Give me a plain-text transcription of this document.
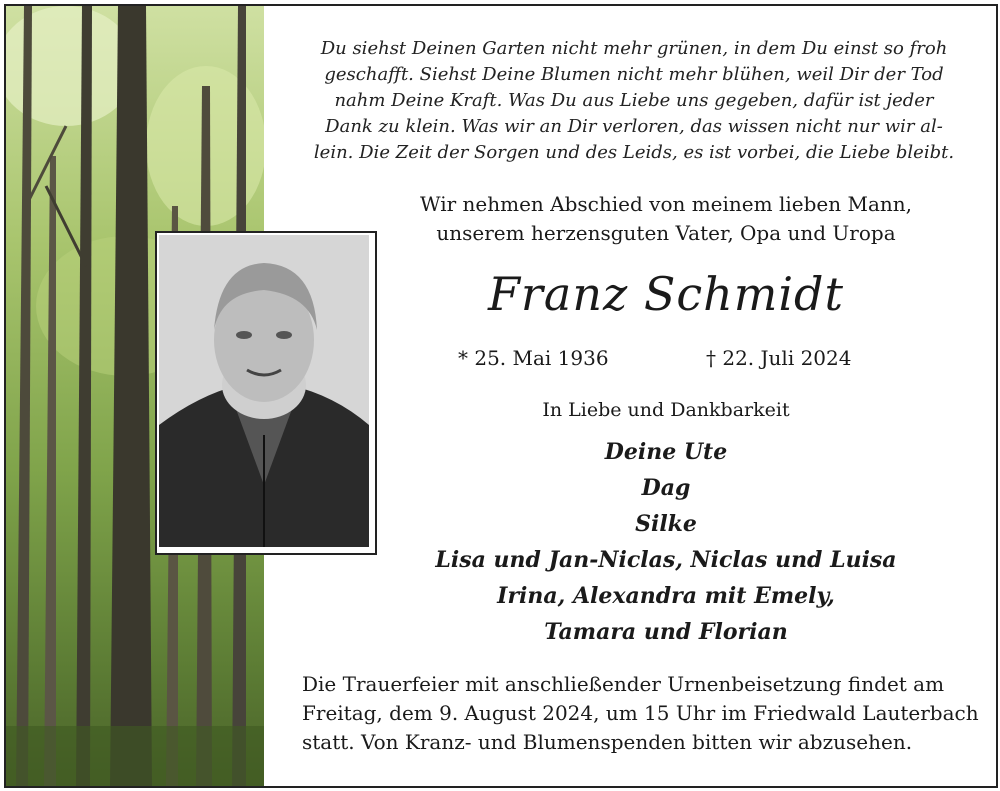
Du siehst Deinen Garten nicht mehr grünen, in dem Du einst so froh
geschafft. Siehst Deine Blumen nicht mehr blühen, weil Dir der Tod
nahm Deine Kraft. Was Du aus Liebe uns gegeben, dafür ist jeder
Dank zu klein. Was wir an Dir verloren, das wissen nicht nur wir al-
lein. Die Zeit der Sorgen und des Leids, es ist vorbei, die Liebe bleibt.
Wir nehmen Abschied von meinem lieben Mann,
unserem herzensguten Vater, Opa und Uropa
Franz Schmidt
* 25. Mai 1936	† 22. Juli 2024
In Liebe und Dankbarkeit
Deine Ute
Dag
Silke
Lisa und Jan-Niclas, Niclas und Luisa
Irina, Alexandra mit Emely,
Tamara und Florian
Die Trauerfeier mit anschließender Urnenbeisetzung findet am
Freitag, dem 9. August 2024, um 15 Uhr im Friedwald Lauterbach
statt. Von Kranz- und Blumenspenden bitten wir abzusehen.
